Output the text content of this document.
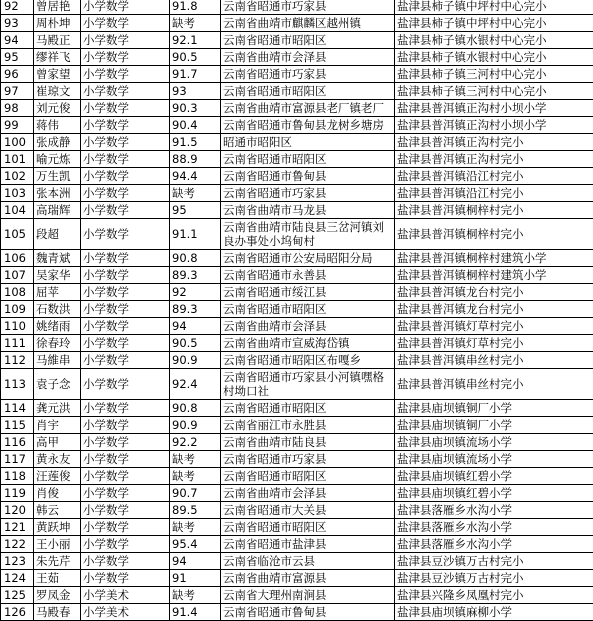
92	曾居艳	小学数学	91.8	云南省昭通市巧家县	盐津县柿子镇中坪村中心完小
93	周朴坤	小学数学	缺考	云南省曲靖市麒麟区越州镇	盐津县柿子镇中坪村中心完小
94	马殿正	小学数学	92.1	云南省昭通市昭阳区	盐津县柿子镇水银村中心完小
95	缪祥飞	小学数学	90.5	云南省曲靖市会泽县	盐津县柿子镇水银村中心完小
96	曾家望	小学数学	91.7	云南省昭通市巧家县	盐津县柿子镇三河村中心完小
97	崔琼文	小学数学	93	云南省昭通市昭阳区	盐津县柿子镇三河村中心完小
98	刘元俊	小学数学	90.3	云南省曲靖市富源县老厂镇老厂	盐津县普洱镇正沟村小坝小学
99	蒋伟	小学数学	90.4	云南省昭通市鲁甸县龙树乡塘房	盐津县普洱镇正沟村小坝小学
100	张成静	小学数学	91.5	昭通市昭阳区	盐津县普洱镇正沟村完小
101	喻元炼	小学数学	88.9	云南省昭通市昭阳区	盐津县普洱镇正沟村完小
102	万生凯	小学数学	94.4	云南省昭通市鲁甸县	盐津县普洱镇沿江村完小
103	张本洲	小学数学	缺考	云南省昭通市巧家县	盐津县普洱镇沿江村完小
104	高瑞辉	小学数学	95	云南省曲靖市马龙县	盐津县普洱镇桐梓村完小
105	段超	小学数学	91.1	云南省曲靖市陆良县三岔河镇刘良办事处小坞甸村	盐津县普洱镇桐梓村完小
106	魏青斌	小学数学	90.8	云南省昭通市公安局昭阳分局	盐津县普洱镇桐梓村建筑小学
107	吴家华	小学数学	89.3	云南省昭通市永善县	盐津县普洱镇桐梓村建筑小学
108	屈苹	小学数学	92	云南省昭通市绥江县	盐津县普洱镇龙台村完小
109	石数洪	小学数学	89.3	云南省昭通市昭阳区	盐津县普洱镇龙台村完小
110	姚绪雨	小学数学	94	云南省曲靖市会泽县	盐津县普洱镇灯草村完小
111	徐春玲	小学数学	90.5	云南省曲靖市宣威海岱镇	盐津县普洱镇灯草村完小
112	马維串	小学数学	90.9	云南省昭通市昭阳区布嘎乡	盐津县普洱镇串丝村完小
113	袁子念	小学数学	92.4	云南省昭通市巧家县小河镇嘿格村坳口社	盐津县普洱镇串丝村完小
114	龚元洪	小学数学	90.8	云南省昭通市昭阳区	盐津县庙坝镇铜厂小学
115	肖宇	小学数学	90.9	云南省丽江市永胜县	盐津县庙坝镇铜厂小学
116	高甲	小学数学	92.2	云南省曲靖市陆良县	盐津县庙坝镇流场小学
117	黄永友	小学数学	缺考	云南省昭通市巧家县	盐津县庙坝镇流场小学
118	汪莲俊	小学数学	缺考	云南省昭通市昭阳区	盐津县庙坝镇红碧小学
119	肖俊	小学数学	90.7	云南省曲靖市会泽县	盐津县庙坝镇红碧小学
120	韩云	小学数学	89.5	云南省昭通市大关县	盐津县落雁乡水沟小学
121	黄跃坤	小学数学	缺考	云南省昭通市昭阳区	盐津县落雁乡水沟小学
122	王小丽	小学数学	95.4	云南省昭通市盐津县	盐津县落雁乡水沟小学
123	朱先芹	小学数学	94	云南省临沧市云县	盐津县豆沙镇万古村完小
124	王茹	小学数学	91	云南省曲靖市富源县	盐津县豆沙镇万古村完小
125	罗凤金	小学美术	缺考	云南省大理州南涧县	盐津县兴隆乡凤凰村完小
126	马殿春	小学美术	91.4	云南省昭通市鲁甸县	盐津县庙坝镇麻柳小学
